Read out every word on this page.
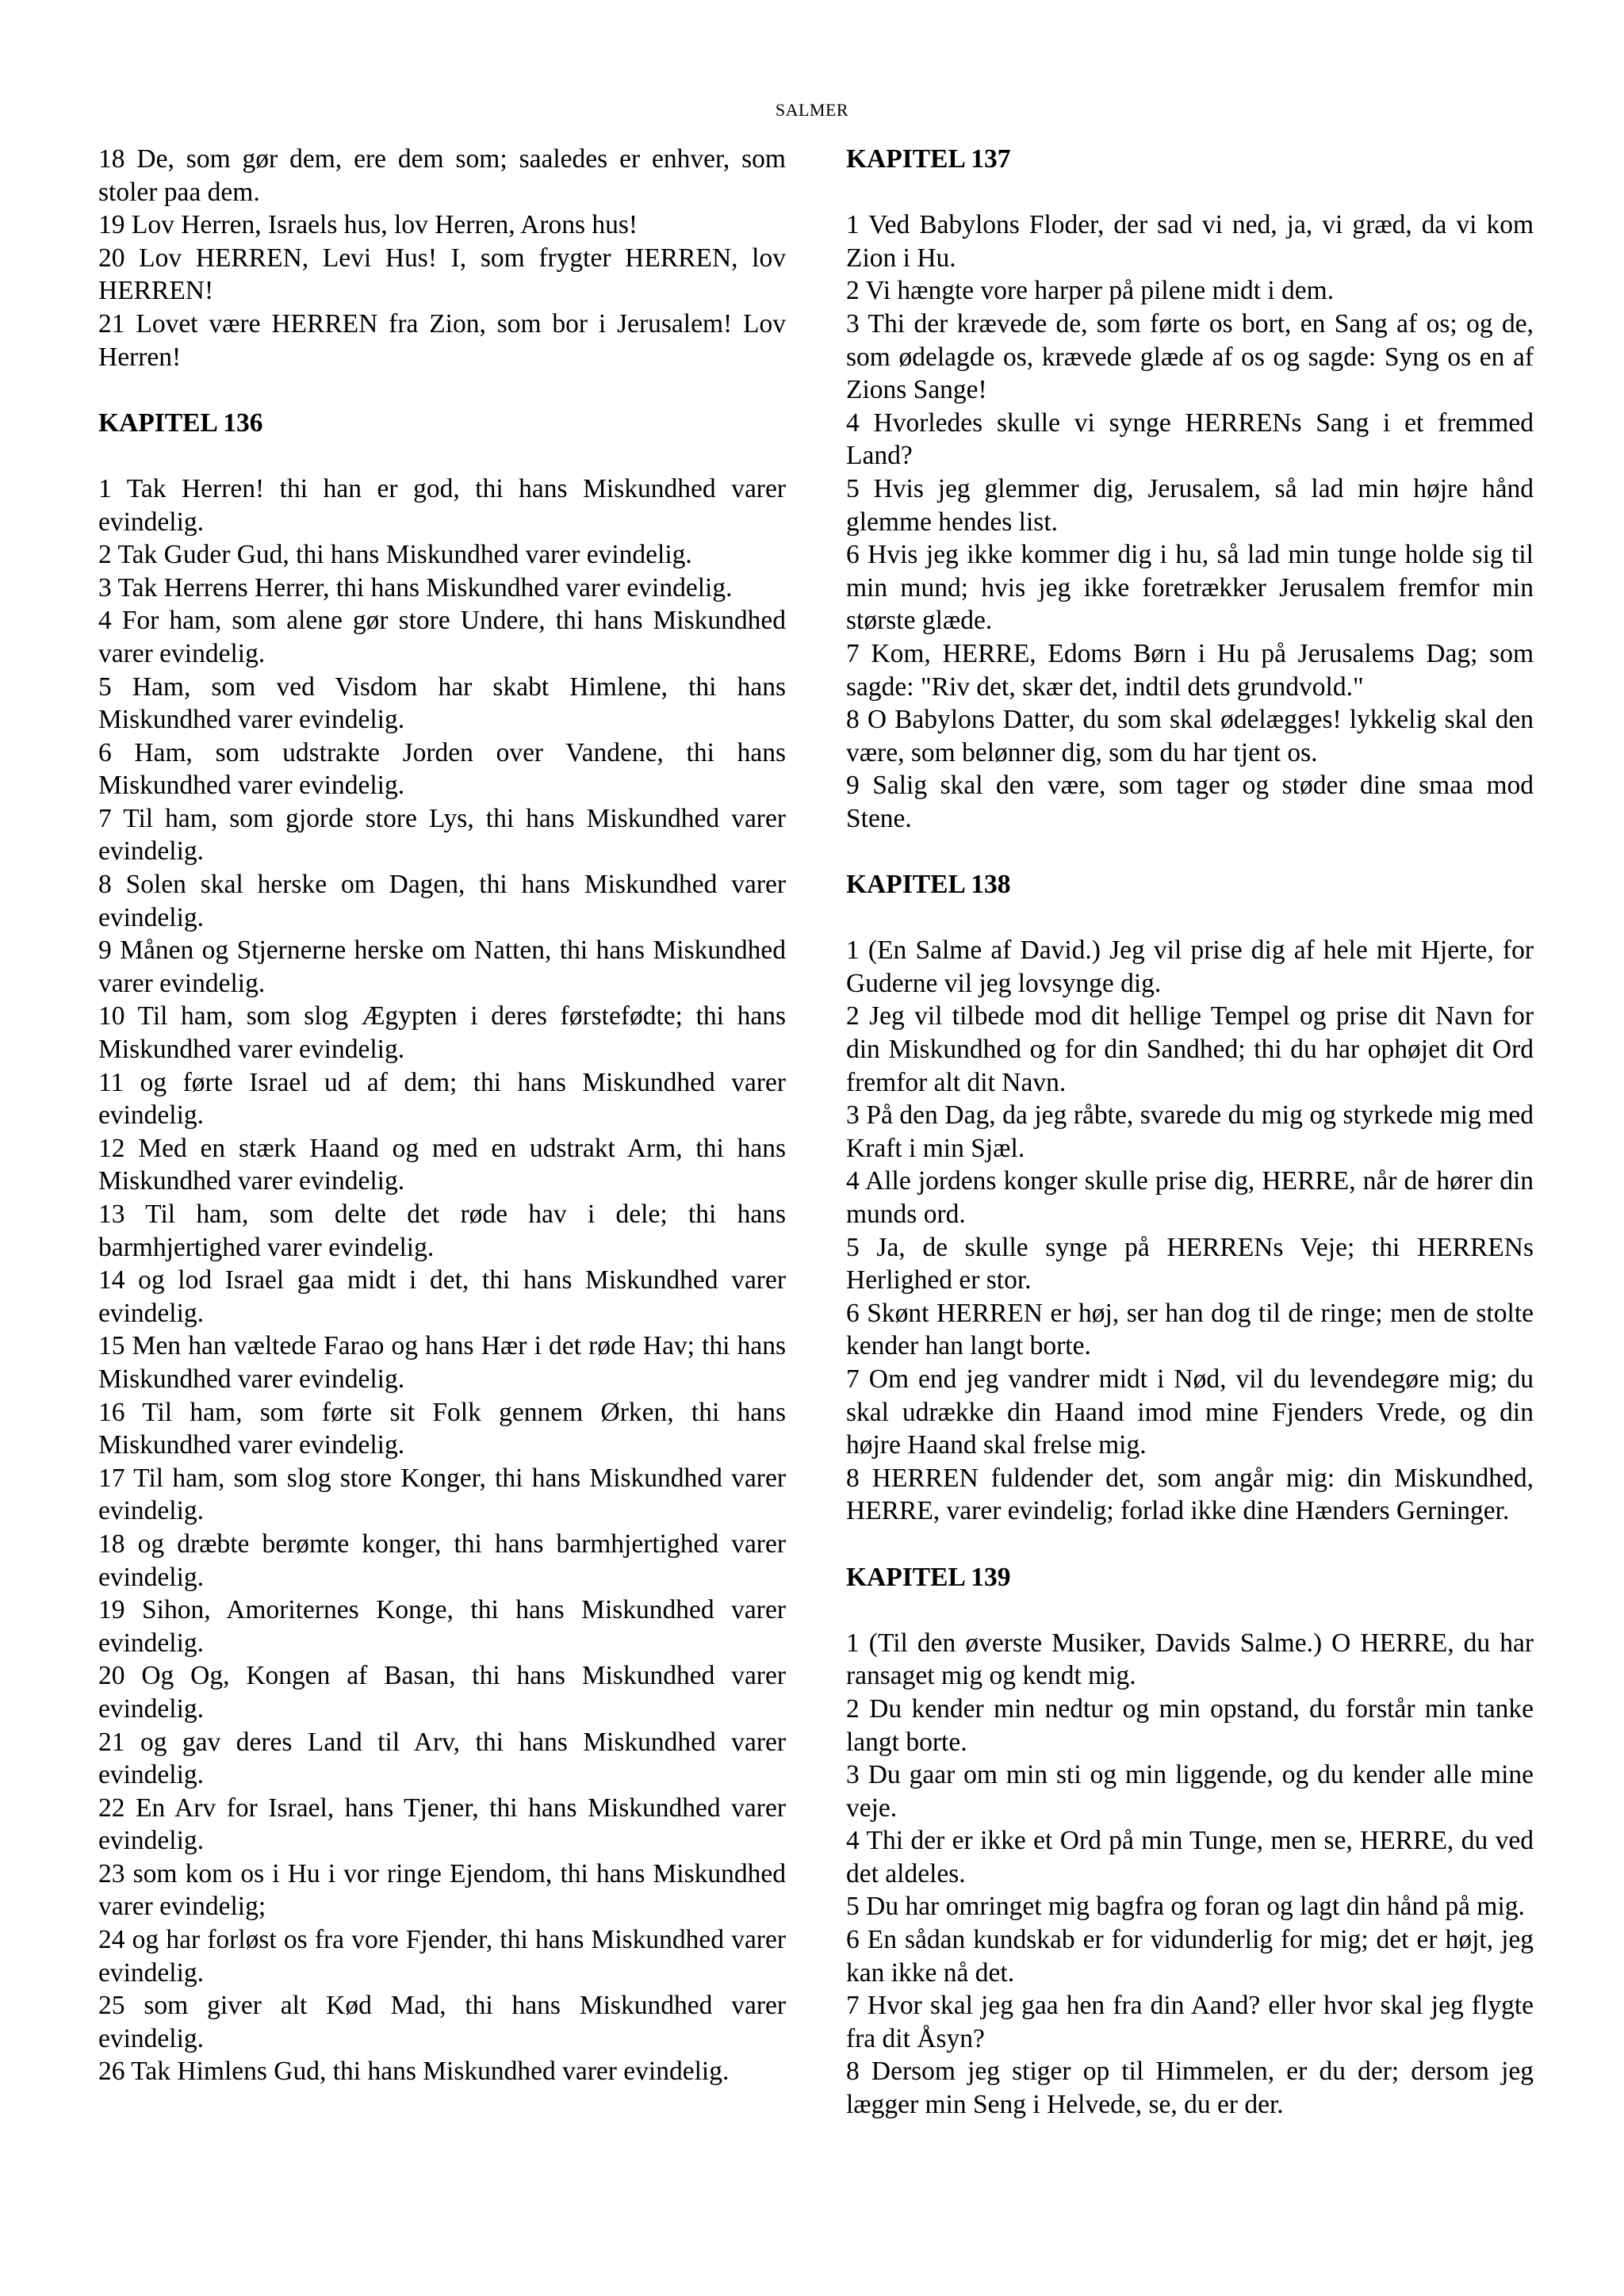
SALMER

18 De, som gør dem, ere dem som; saaledes er enhver, som stoler paa dem.

19 Lov Herren, Israels hus, lov Herren, Arons hus!

20 Lov HERREN, Levi Hus! I, som frygter HERREN, lov HERREN!

21 Lovet være HERREN fra Zion, som bor i Jerusalem! Lov Herren!

KAPITEL 136

1 Tak Herren! thi han er god, thi hans Miskundhed varer evindelig.

2 Tak Guder Gud, thi hans Miskundhed varer evindelig.

3 Tak Herrens Herrer, thi hans Miskundhed varer evindelig.

4 For ham, som alene gør store Undere, thi hans Miskundhed varer evindelig.

5 Ham, som ved Visdom har skabt Himlene, thi hans Miskundhed varer evindelig.

6 Ham, som udstrakte Jorden over Vandene, thi hans Miskundhed varer evindelig.

7 Til ham, som gjorde store Lys, thi hans Miskundhed varer evindelig.

8 Solen skal herske om Dagen, thi hans Miskundhed varer evindelig.

9 Månen og Stjernerne herske om Natten, thi hans Miskundhed varer evindelig.

10 Til ham, som slog Ægypten i deres førstefødte; thi hans Miskundhed varer evindelig.

11 og førte Israel ud af dem; thi hans Miskundhed varer evindelig.

12 Med en stærk Haand og med en udstrakt Arm, thi hans Miskundhed varer evindelig.

13 Til ham, som delte det røde hav i dele; thi hans barmhjertighed varer evindelig.

14 og lod Israel gaa midt i det, thi hans Miskundhed varer evindelig.

15 Men han væltede Farao og hans Hær i det røde Hav; thi hans Miskundhed varer evindelig.

16 Til ham, som førte sit Folk gennem Ørken, thi hans Miskundhed varer evindelig.

17 Til ham, som slog store Konger, thi hans Miskundhed varer evindelig.

18 og dræbte berømte konger, thi hans barmhjertighed varer evindelig.

19 Sihon, Amoriternes Konge, thi hans Miskundhed varer evindelig.

20 Og Og, Kongen af Basan, thi hans Miskundhed varer evindelig.

21 og gav deres Land til Arv, thi hans Miskundhed varer evindelig.

22 En Arv for Israel, hans Tjener, thi hans Miskundhed varer evindelig.

23 som kom os i Hu i vor ringe Ejendom, thi hans Miskundhed varer evindelig;

24 og har forløst os fra vore Fjender, thi hans Miskundhed varer evindelig.

25 som giver alt Kød Mad, thi hans Miskundhed varer evindelig.

26 Tak Himlens Gud, thi hans Miskundhed varer evindelig.

KAPITEL 137

1 Ved Babylons Floder, der sad vi ned, ja, vi græd, da vi kom Zion i Hu.

2 Vi hængte vore harper på pilene midt i dem.

3 Thi der krævede de, som førte os bort, en Sang af os; og de, som ødelagde os, krævede glæde af os og sagde: Syng os en af Zions Sange!

4 Hvorledes skulle vi synge HERRENs Sang i et fremmed Land?

5 Hvis jeg glemmer dig, Jerusalem, så lad min højre hånd glemme hendes list.

6 Hvis jeg ikke kommer dig i hu, så lad min tunge holde sig til min mund; hvis jeg ikke foretrækker Jerusalem fremfor min største glæde.

7 Kom, HERRE, Edoms Børn i Hu på Jerusalems Dag; som sagde: "Riv det, skær det, indtil dets grundvold."

8 O Babylons Datter, du som skal ødelægges! lykkelig skal den være, som belønner dig, som du har tjent os.

9 Salig skal den være, som tager og støder dine smaa mod Stene.

KAPITEL 138

1 (En Salme af David.) Jeg vil prise dig af hele mit Hjerte, for Guderne vil jeg lovsynge dig.

2 Jeg vil tilbede mod dit hellige Tempel og prise dit Navn for din Miskundhed og for din Sandhed; thi du har ophøjet dit Ord fremfor alt dit Navn.

3 På den Dag, da jeg råbte, svarede du mig og styrkede mig med Kraft i min Sjæl.

4 Alle jordens konger skulle prise dig, HERRE, når de hører din munds ord.

5 Ja, de skulle synge på HERRENs Veje; thi HERRENs Herlighed er stor.

6 Skønt HERREN er høj, ser han dog til de ringe; men de stolte kender han langt borte.

7 Om end jeg vandrer midt i Nød, vil du levendegøre mig; du skal udrække din Haand imod mine Fjenders Vrede, og din højre Haand skal frelse mig.

8 HERREN fuldender det, som angår mig: din Miskundhed, HERRE, varer evindelig; forlad ikke dine Hænders Gerninger.

KAPITEL 139

1 (Til den øverste Musiker, Davids Salme.) O HERRE, du har ransaget mig og kendt mig.

2 Du kender min nedtur og min opstand, du forstår min tanke langt borte.

3 Du gaar om min sti og min liggende, og du kender alle mine veje.

4 Thi der er ikke et Ord på min Tunge, men se, HERRE, du ved det aldeles.

5 Du har omringet mig bagfra og foran og lagt din hånd på mig.

6 En sådan kundskab er for vidunderlig for mig; det er højt, jeg kan ikke nå det.

7 Hvor skal jeg gaa hen fra din Aand? eller hvor skal jeg flygte fra dit Åsyn?

8 Dersom jeg stiger op til Himmelen, er du der; dersom jeg lægger min Seng i Helvede, se, du er der.
